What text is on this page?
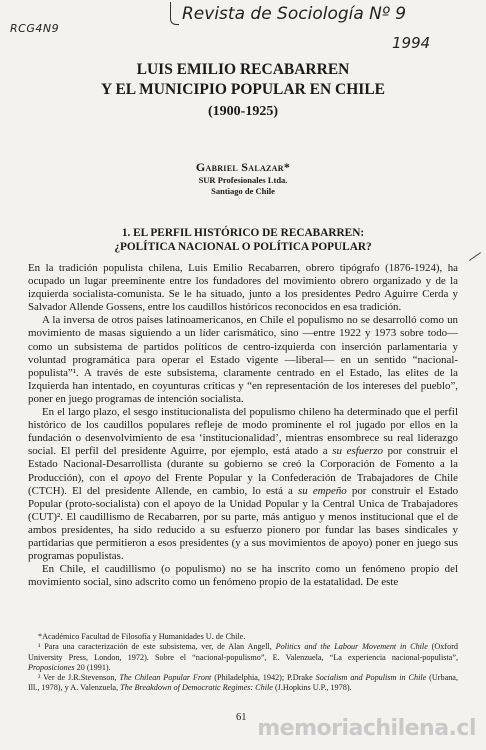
Revista de Sociología Nº 9
1994
RCG4N9
LUIS EMILIO RECABARREN
Y EL MUNICIPIO POPULAR EN CHILE
(1900-1925)
Gabriel Salazar*
SUR Profesionales Ltda.
Santiago de Chile
1. EL PERFIL HISTÓRICO DE RECABARREN:
¿POLÍTICA NACIONAL O POLÍTICA POPULAR?

En la tradición populista chilena, Luis Emilio Recabarren, obrero tipógrafo (1876-1924), ha ocupado un lugar preeminente entre los fundadores del movimiento obrero organizado y de la izquierda socialista-comunista. Se le ha situado, junto a los presidentes Pedro Aguirre Cerda y Salvador Allende Gossens, entre los caudillos históricos reconocidos en esa tradición.

A la inversa de otros países latinoamericanos, en Chile el populismo no se desarrolló como un movimiento de masas siguiendo a un líder carismático, sino —entre 1922 y 1973 sobre todo— como un subsistema de partidos políticos de centro-izquierda con inserción parlamentaria y voluntad programática para operar el Estado vigente —liberal— en un sentido “nacional-populista”¹. A través de este subsistema, claramente centrado en el Estado, las elites de la Izquierda han intentado, en coyunturas críticas y “en representación de los intereses del pueblo”, poner en juego programas de intención socialista.

En el largo plazo, el sesgo institucionalista del populismo chileno ha determinado que el perfil histórico de los caudillos populares refleje de modo prominente el rol jugado por ellos en la fundación o desenvolvimiento de esa ‘institucionalidad’, mientras ensombrece su real liderazgo social. El perfil del presidente Aguirre, por ejemplo, está atado a su esfuerzo por construir el Estado Nacional-Desarrollista (durante su gobierno se creó la Corporación de Fomento a la Producción), con el apoyo del Frente Popular y la Confederación de Trabajadores de Chile (CTCH). El del presidente Allende, en cambio, lo está a su empeño por construir el Estado Popular (proto-socialista) con el apoyo de la Unidad Popular y la Central Unica de Trabajadores (CUT)². El caudillismo de Recabarren, por su parte, más antiguo y menos institucional que el de ambos presidentes, ha sido reducido a su esfuerzo pionero por fundar las bases sindicales y partidarias que permitieron a esos presidentes (y a sus movimientos de apoyo) poner en juego sus programas populistas.

En Chile, el caudillismo (o populismo) no se ha inscrito como un fenómeno propio del movimiento social, sino adscrito como un fenómeno propio de la estatalidad. De este

*Académico Facultad de Filosofía y Humanidades U. de Chile.

¹ Para una caracterización de este subsistema, ver, de Alan Angell, Politics and the Labour Movement in Chile (Oxford University Press, London, 1972). Sobre el “nacional-populismo”, E. Valenzuela, “La experiencia nacional-populista”, Proposiciones 20 (1991).

² Ver de J.R.Stevenson, The Chilean Popular Front (Philadelphia, 1942); P.Drake Socialism and Populism in Chile (Urbana, Ill., 1978), y A. Valenzuela, The Breakdown of Democratic Regimes: Chile (J.Hopkins U.P., 1978).

61 memoriachilena.cl
